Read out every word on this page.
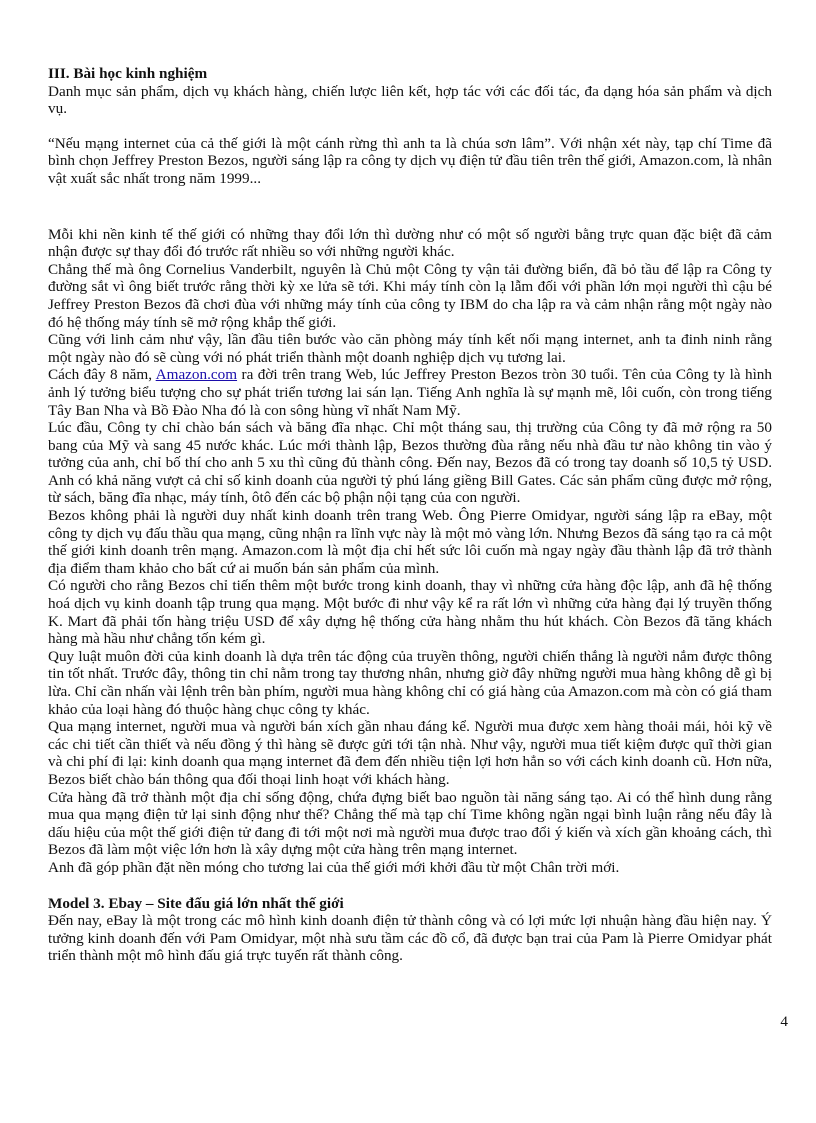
III. Bài học kinh nghiệm

Danh mục sản phẩm, dịch vụ khách hàng, chiến lược liên kết, hợp tác với các đối tác, đa dạng hóa sản phẩm và dịch vụ.

“Nếu mạng internet của cả thế giới là một cánh rừng thì anh ta là chúa sơn lâm”. Với nhận xét này, tạp chí Time đã bình chọn Jeffrey Preston Bezos, người sáng lập ra công ty dịch vụ điện tử đầu tiên trên thế giới, Amazon.com, là nhân vật xuất sắc nhất trong năm 1999...

Mỗi khi nền kinh tế thế giới có những thay đổi lớn thì dường như có một số người bằng trực quan đặc biệt đã cảm nhận được sự thay đổi đó trước rất nhiều so với những người khác.

Chẳng thế mà ông Cornelius Vanderbilt, nguyên là Chủ một Công ty vận tải đường biển, đã bỏ tầu để lập ra Công ty đường sắt vì ông biết trước rằng thời kỳ xe lửa sẽ tới. Khi máy tính còn lạ lẫm đối với phần lớn mọi người thì cậu bé Jeffrey Preston Bezos đã chơi đùa với những máy tính của công ty IBM do cha lập ra và cảm nhận rằng một ngày nào đó hệ thống máy tính sẽ mở rộng khắp thế giới.

Cũng với linh cảm như vậy, lần đầu tiên bước vào căn phòng máy tính kết nối mạng internet, anh ta đinh ninh rằng một ngày nào đó sẽ cùng với nó phát triển thành một doanh nghiệp dịch vụ tương lai.

Cách đây 8 năm, Amazon.com ra đời trên trang Web, lúc Jeffrey Preston Bezos tròn 30 tuổi. Tên của Công ty là hình ảnh lý tưởng biểu tượng cho sự phát triển tương lai sán lạn. Tiếng Anh nghĩa là sự mạnh mẽ, lôi cuốn, còn trong tiếng Tây Ban Nha và Bồ Đào Nha đó là con sông hùng vĩ nhất Nam Mỹ.

Lúc đầu, Công ty chỉ chào bán sách và băng đĩa nhạc. Chỉ một tháng sau, thị trường của Công ty đã mở rộng ra 50 bang của Mỹ và sang 45 nước khác. Lúc mới thành lập, Bezos thường đùa rằng nếu nhà đầu tư nào không tin vào ý tưởng của anh, chỉ bố thí cho anh 5 xu thì cũng đủ thành công. Đến nay, Bezos đã có trong tay doanh số 10,5 tỷ USD. Anh có khả năng vượt cả chỉ số kinh doanh của người tỷ phú láng giềng Bill Gates. Các sản phẩm cũng được mở rộng, từ sách, băng đĩa nhạc, máy tính, ôtô đến các bộ phận nội tạng của con người.

Bezos không phải là người duy nhất kinh doanh trên trang Web. Ông Pierre Omidyar, người sáng lập ra eBay, một công ty dịch vụ đấu thầu qua mạng, cũng nhận ra lĩnh vực này là một mỏ vàng lớn. Nhưng Bezos đã sáng tạo ra cả một thế giới kinh doanh trên mạng. Amazon.com là một địa chỉ hết sức lôi cuốn mà ngay ngày đầu thành lập đã trở thành địa điểm tham khảo cho bất cứ ai muốn bán sản phẩm của mình.

Có người cho rằng Bezos chỉ tiến thêm một bước trong kinh doanh, thay vì những cửa hàng độc lập, anh đã hệ thống hoá dịch vụ kinh doanh tập trung qua mạng. Một bước đi như vậy kể ra rất lớn vì những cửa hàng đại lý truyền thống K. Mart đã phải tốn hàng triệu USD để xây dựng hệ thống cửa hàng nhằm thu hút khách. Còn Bezos đã tăng khách hàng mà hầu như chẳng tốn kém gì.

Quy luật muôn đời của kinh doanh là dựa trên tác động của truyền thông, người chiến thắng là người nắm được thông tin tốt nhất. Trước đây, thông tin chỉ nằm trong tay thương nhân, nhưng giờ đây những người mua hàng không dễ gì bị lừa. Chỉ cần nhấn vài lệnh trên bàn phím, người mua hàng không chỉ có giá hàng của Amazon.com mà còn có giá tham khảo của loại hàng đó thuộc hàng chục công ty khác.

Qua mạng internet, người mua và người bán xích gần nhau đáng kể. Người mua được xem hàng thoải mái, hỏi kỹ về các chi tiết cần thiết và nếu đồng ý thì hàng sẽ được gửi tới tận nhà. Như vậy, người mua tiết kiệm được quĩ thời gian và chi phí đi lại: kinh doanh qua mạng internet đã đem đến nhiều tiện lợi hơn hẳn so với cách kinh doanh cũ. Hơn nữa, Bezos biết chào bán thông qua đối thoại linh hoạt với khách hàng.

Cửa hàng đã trở thành một địa chỉ sống động, chứa đựng biết bao nguồn tài năng sáng tạo. Ai có thể hình dung rằng mua qua mạng điện tử lại sinh động như thế? Chẳng thế mà tạp chí Time không ngần ngại bình luận rằng nếu đây là dấu hiệu của một thế giới điện tử đang đi tới một nơi mà người mua được trao đổi ý kiến và xích gần khoảng cách, thì Bezos đã làm một việc lớn hơn là xây dựng một cửa hàng trên mạng internet.

Anh đã góp phần đặt nền móng cho tương lai của thế giới mới khởi đầu từ một Chân trời mới.

Model 3. Ebay – Site đấu giá lớn nhất thế giới

Đến nay, eBay là một trong các mô hình kinh doanh điện tử thành công và có lợi mức lợi nhuận hàng đầu hiện nay. Ý tưởng kinh doanh đến với Pam Omidyar, một nhà sưu tầm các đồ cổ, đã được bạn trai của Pam là Pierre Omidyar phát triển thành một mô hình đấu giá trực tuyến rất thành công.

4
